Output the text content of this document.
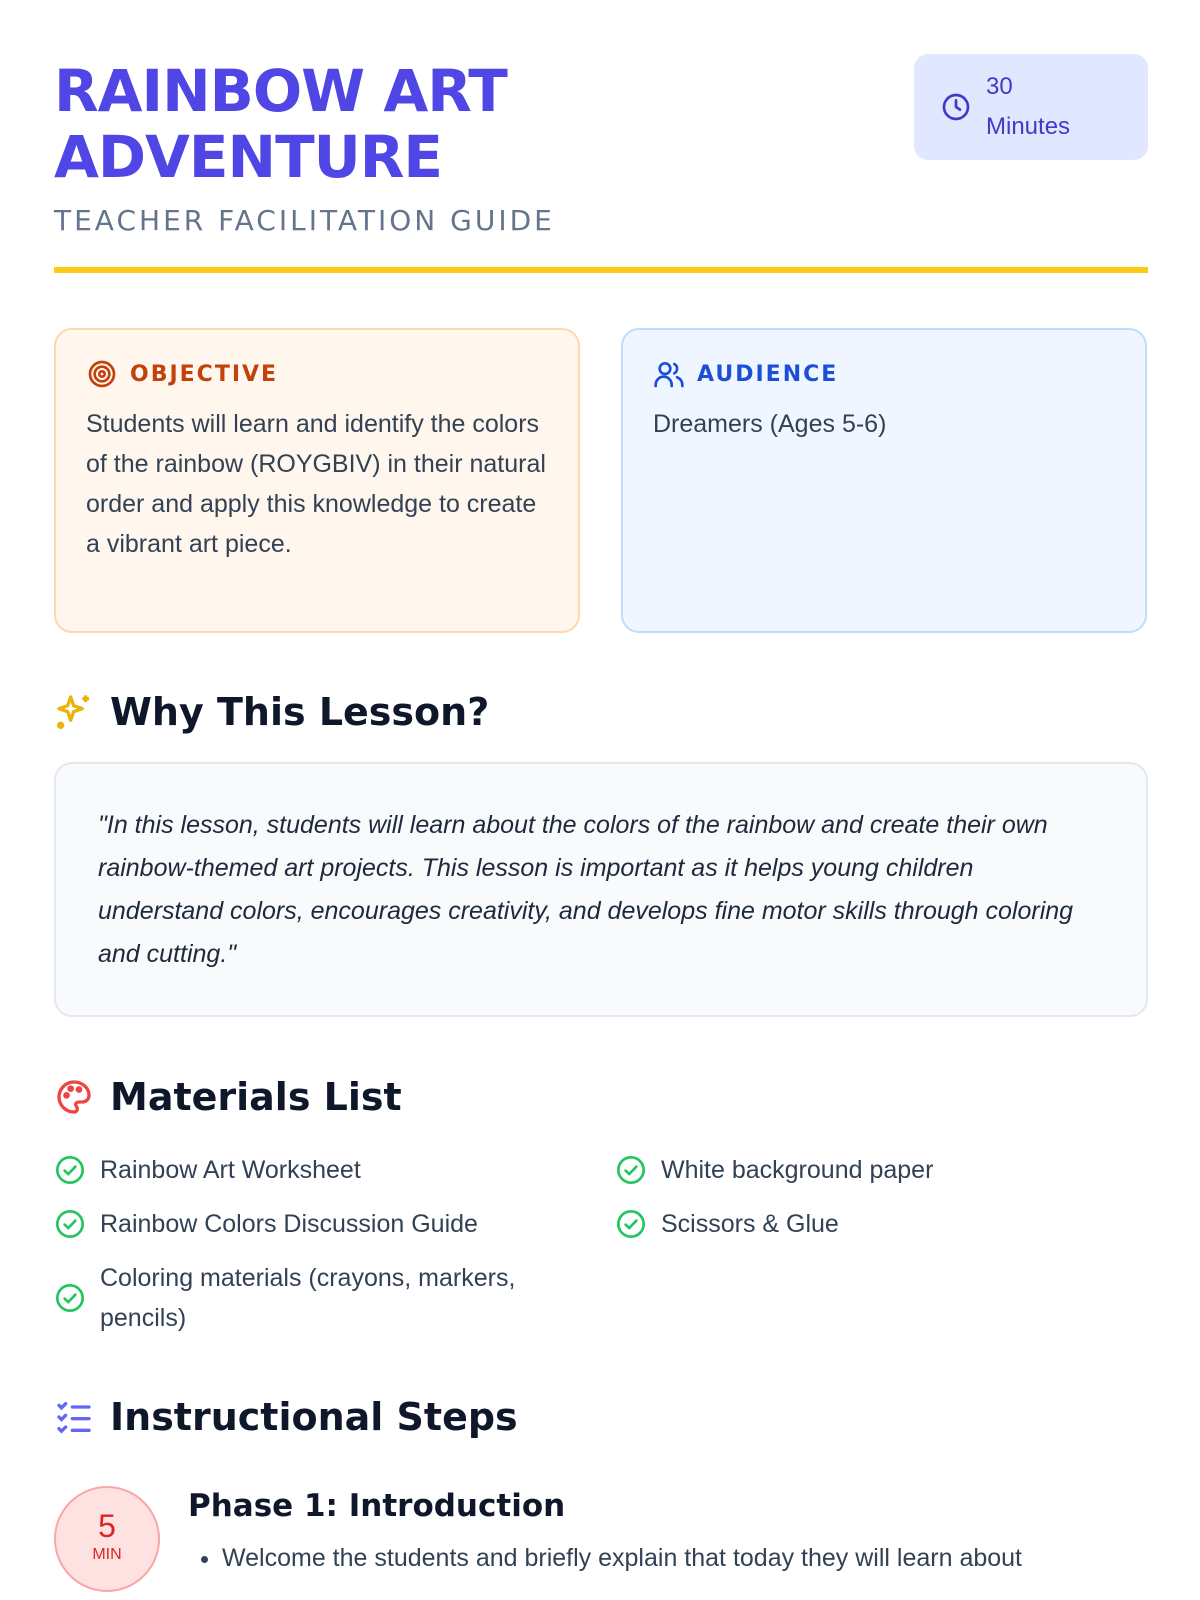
RAINBOW ART ADVENTURE
TEACHER FACILITATION GUIDE
30
Minutes
OBJECTIVE

Students will learn and identify the colors of the rainbow (ROYGBIV) in their natural order and apply this knowledge to create a vibrant art piece.

AUDIENCE

Dreamers (Ages 5-6)

Why This Lesson?

"In this lesson, students will learn about the colors of the rainbow and create their own rainbow-themed art projects. This lesson is important as it helps young children understand colors, encourages creativity, and develops fine motor skills through coloring and cutting."

Materials List
Rainbow Art Worksheet	White background paper
Rainbow Colors Discussion Guide	Scissors & Glue
Coloring materials (crayons, markers, pencils)
Instructional Steps
5
MIN
Phase 1: Introduction
• Welcome the students and briefly explain that today they will learn about
